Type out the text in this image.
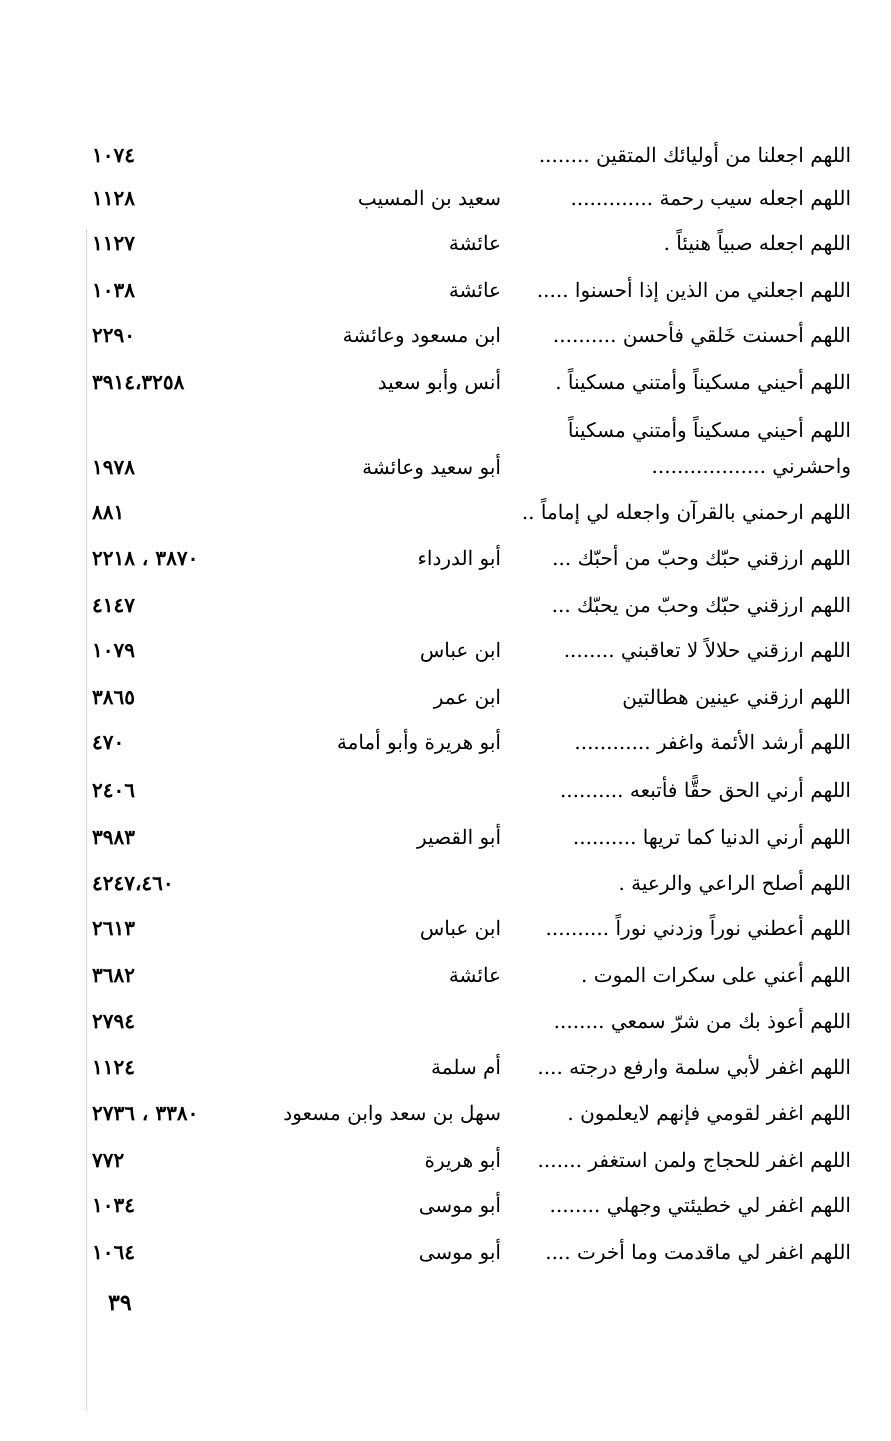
اللهم اجعلنا من أوليائك المتقين ........
١٠٧٤
اللهم اجعله سيب رحمة .............
سعيد بن المسيب
١١٢٨
اللهم اجعله صبياً هنيئاً .
عائشة
١١٢٧
اللهم اجعلني من الذين إذا أحسنوا .....
عائشة
١٠٣٨
اللهم أحسنت خَلقي فأحسن ..........
ابن مسعود وعائشة
٢٢٩٠
اللهم أحيني مسكيناً وأمتني مسكيناً .
أنس وأبو سعيد
٣٩١٤،٣٢٥٨
اللهم أحيني مسكيناً وأمتني مسكيناً واحشرني ..................
أبو سعيد وعائشة
١٩٧٨
اللهم ارحمني بالقرآن واجعله لي إماماً ..
٨٨١
اللهم ارزقني حبّك وحبّ من أحبّك ...
أبو الدرداء
٣٨٧٠ ، ٢٢١٨
اللهم ارزقني حبّك وحبّ من يحبّك ...
٤١٤٧
اللهم ارزقني حلالاً لا تعاقبني ........
ابن عباس
١٠٧٩
اللهم ارزقني عينين هطالتين
ابن عمر
٣٨٦٥
اللهم أرشد الأئمة واغفر ............
أبو هريرة وأبو أمامة
٤٧٠
اللهم أرني الحق حقًّا فأتبعه ..........
٢٤٠٦
اللهم أرني الدنيا كما تريها ..........
أبو القصير
٣٩٨٣
اللهم أصلح الراعي والرعية .
٤٢٤٧،٤٦٠
اللهم أعطني نوراً وزدني نوراً ..........
ابن عباس
٢٦١٣
اللهم أعني على سكرات الموت .
عائشة
٣٦٨٢
اللهم أعوذ بك من شرّ سمعي ........
٢٧٩٤
اللهم اغفر لأبي سلمة وارفع درجته ....
أم سلمة
١١٢٤
اللهم اغفر لقومي فإنهم لايعلمون .
سهل بن سعد وابن مسعود
٣٣٨٠ ، ٢٧٣٦
اللهم اغفر للحجاج ولمن استغفر .......
أبو هريرة
٧٧٢
اللهم اغفر لي خطيئتي وجهلي ........
أبو موسى
١٠٣٤
اللهم اغفر لي ماقدمت وما أخرت ....
أبو موسى
١٠٦٤
٣٩
